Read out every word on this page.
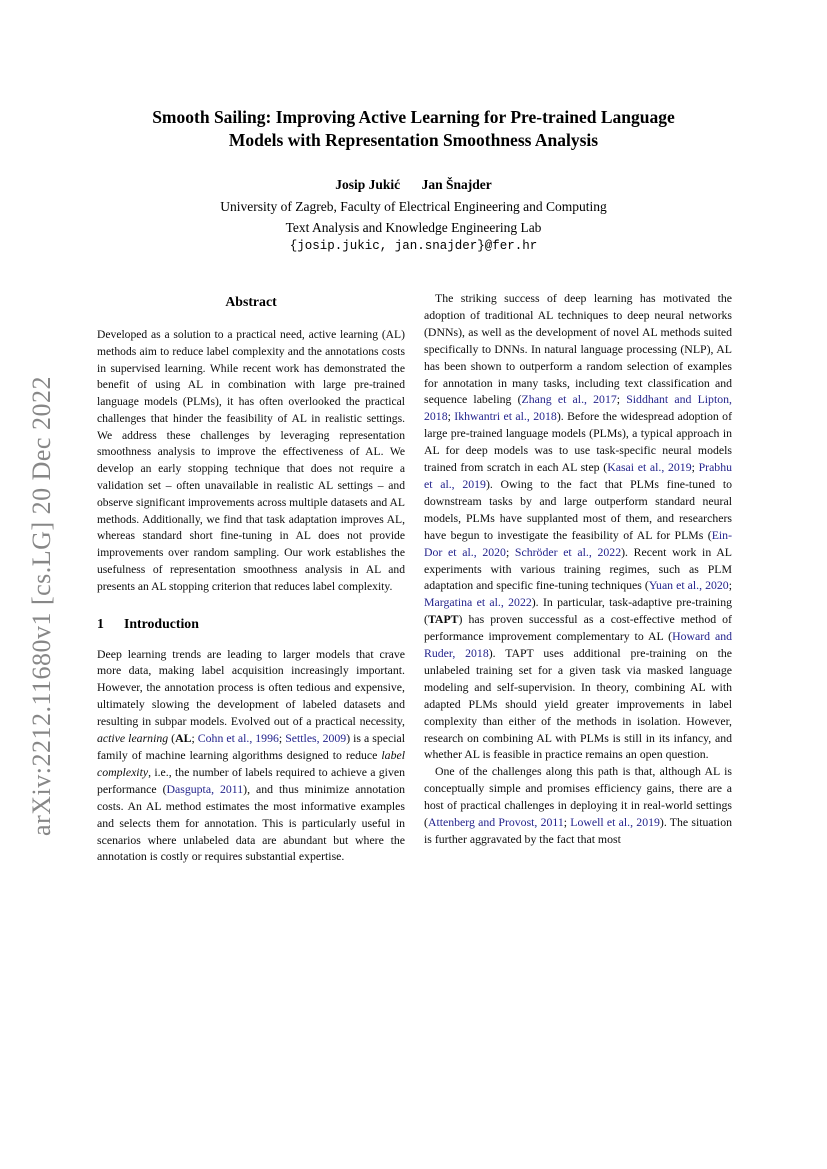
arXiv:2212.11680v1 [cs.LG] 20 Dec 2022
Smooth Sailing: Improving Active Learning for Pre-trained Language
Models with Representation Smoothness Analysis
Josip Jukić Jan Šnajder
University of Zagreb, Faculty of Electrical Engineering and Computing
Text Analysis and Knowledge Engineering Lab
{josip.jukic, jan.snajder}@fer.hr
Abstract

Developed as a solution to a practical need, active learning (AL) methods aim to reduce label complexity and the annotations costs in supervised learning. While recent work has demonstrated the benefit of using AL in combination with large pre-trained language models (PLMs), it has often overlooked the practical challenges that hinder the feasibility of AL in realistic settings. We address these challenges by leveraging representation smoothness analysis to improve the effectiveness of AL. We develop an early stopping technique that does not require a validation set – often unavailable in realistic AL settings – and observe significant improvements across multiple datasets and AL methods. Additionally, we find that task adaptation improves AL, whereas standard short fine-tuning in AL does not provide improvements over random sampling. Our work establishes the usefulness of representation smoothness analysis in AL and presents an AL stopping criterion that reduces label complexity.

1 Introduction

Deep learning trends are leading to larger models that crave more data, making label acquisition increasingly important. However, the annotation process is often tedious and expensive, ultimately slowing the development of labeled datasets and resulting in subpar models. Evolved out of a practical necessity, active learning (AL; Cohn et al., 1996; Settles, 2009) is a special family of machine learning algorithms designed to reduce label complexity, i.e., the number of labels required to achieve a given performance (Dasgupta, 2011), and thus minimize annotation costs. An AL method estimates the most informative examples and selects them for annotation. This is particularly useful in scenarios where unlabeled data are abundant but where the annotation is costly or requires substantial expertise.

The striking success of deep learning has motivated the adoption of traditional AL techniques to deep neural networks (DNNs), as well as the development of novel AL methods suited specifically to DNNs. In natural language processing (NLP), AL has been shown to outperform a random selection of examples for annotation in many tasks, including text classification and sequence labeling (Zhang et al., 2017; Siddhant and Lipton, 2018; Ikhwantri et al., 2018). Before the widespread adoption of large pre-trained language models (PLMs), a typical approach in AL for deep models was to use task-specific neural models trained from scratch in each AL step (Kasai et al., 2019; Prabhu et al., 2019). Owing to the fact that PLMs fine-tuned to downstream tasks by and large outperform standard neural models, PLMs have supplanted most of them, and researchers have begun to investigate the feasibility of AL for PLMs (Ein-Dor et al., 2020; Schröder et al., 2022). Recent work in AL experiments with various training regimes, such as PLM adaptation and specific fine-tuning techniques (Yuan et al., 2020; Margatina et al., 2022). In particular, task-adaptive pre-training (TAPT) has proven successful as a cost-effective method of performance improvement complementary to AL (Howard and Ruder, 2018). TAPT uses additional pre-training on the unlabeled training set for a given task via masked language modeling and self-supervision. In theory, combining AL with adapted PLMs should yield greater improvements in label complexity than either of the methods in isolation. However, research on combining AL with PLMs is still in its infancy, and whether AL is feasible in practice remains an open question.

One of the challenges along this path is that, although AL is conceptually simple and promises efficiency gains, there are a host of practical challenges in deploying it in real-world settings (Attenberg and Provost, 2011; Lowell et al., 2019). The situation is further aggravated by the fact that most
